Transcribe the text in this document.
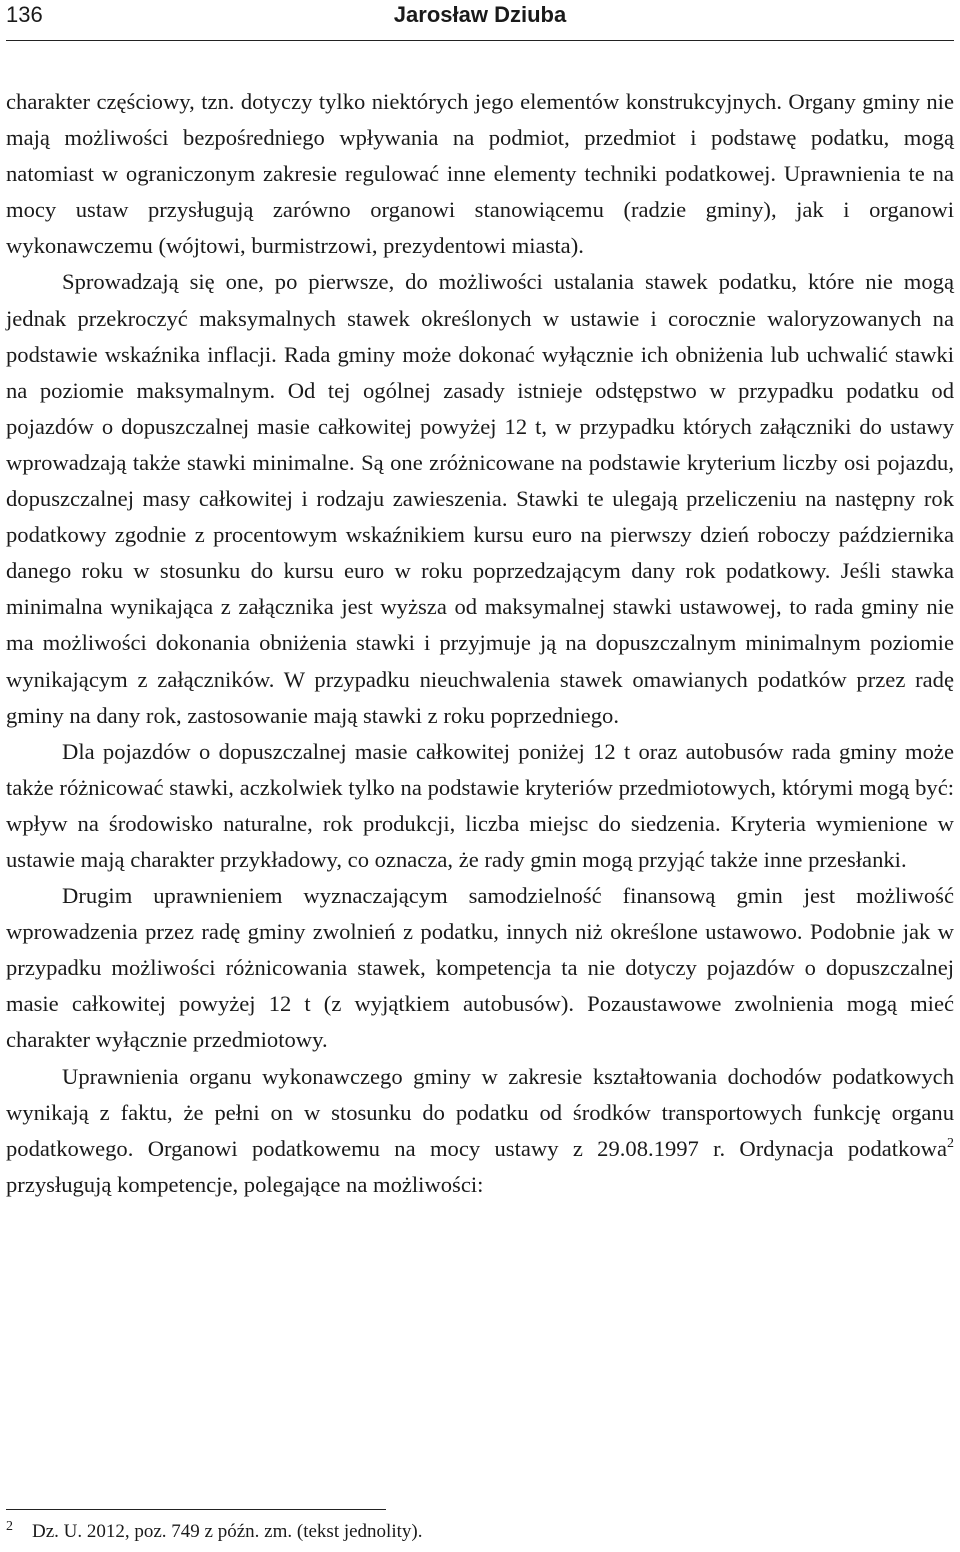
136	Jarosław Dziuba

charakter częściowy, tzn. dotyczy tylko niektórych jego elementów konstrukcyjnych. Organy gminy nie mają możliwości bezpośredniego wpływania na podmiot, przedmiot i podstawę podatku, mogą natomiast w ograniczonym zakresie regulować inne elementy techniki podatkowej. Uprawnienia te na mocy ustaw przysługują zarówno organowi stanowiącemu (radzie gminy), jak i organowi wykonawczemu (wójtowi, burmistrzowi, prezydentowi miasta).

Sprowadzają się one, po pierwsze, do możliwości ustalania stawek podatku, które nie mogą jednak przekroczyć maksymalnych stawek określonych w ustawie i corocznie waloryzowanych na podstawie wskaźnika inflacji. Rada gminy może dokonać wyłącznie ich obniżenia lub uchwalić stawki na poziomie maksymalnym. Od tej ogólnej zasady istnieje odstępstwo w przypadku podatku od pojazdów o dopuszczalnej masie całkowitej powyżej 12 t, w przypadku których załączniki do ustawy wprowadzają także stawki minimalne. Są one zróżnicowane na podstawie kryterium liczby osi pojazdu, dopuszczalnej masy całkowitej i rodzaju zawieszenia. Stawki te ulegają przeliczeniu na następny rok podatkowy zgodnie z procentowym wskaźnikiem kursu euro na pierwszy dzień roboczy października danego roku w stosunku do kursu euro w roku poprzedzającym dany rok podatkowy. Jeśli stawka minimalna wynikająca z załącznika jest wyższa od maksymalnej stawki ustawowej, to rada gminy nie ma możliwości dokonania obniżenia stawki i przyjmuje ją na dopuszczalnym minimalnym poziomie wynikającym z załączników. W przypadku nieuchwalenia stawek omawianych podatków przez radę gminy na dany rok, zastosowanie mają stawki z roku poprzedniego.

Dla pojazdów o dopuszczalnej masie całkowitej poniżej 12 t oraz autobusów rada gminy może także różnicować stawki, aczkolwiek tylko na podstawie kryteriów przedmiotowych, którymi mogą być: wpływ na środowisko naturalne, rok produkcji, liczba miejsc do siedzenia. Kryteria wymienione w ustawie mają charakter przykładowy, co oznacza, że rady gmin mogą przyjąć także inne przesłanki.

Drugim uprawnieniem wyznaczającym samodzielność finansową gmin jest możliwość wprowadzenia przez radę gminy zwolnień z podatku, innych niż określone ustawowo. Podobnie jak w przypadku możliwości różnicowania stawek, kompetencja ta nie dotyczy pojazdów o dopuszczalnej masie całkowitej powyżej 12 t (z wyjątkiem autobusów). Pozaustawowe zwolnienia mogą mieć charakter wyłącznie przedmiotowy.

Uprawnienia organu wykonawczego gminy w zakresie kształtowania dochodów podatkowych wynikają z faktu, że pełni on w stosunku do podatku od środków transportowych funkcję organu podatkowego. Organowi podatkowemu na mocy ustawy z 29.08.1997 r. Ordynacja podatkowa$^2$ przysługują kompetencje, polegające na możliwości:

2 Dz. U. 2012, poz. 749 z późn. zm. (tekst jednolity).
